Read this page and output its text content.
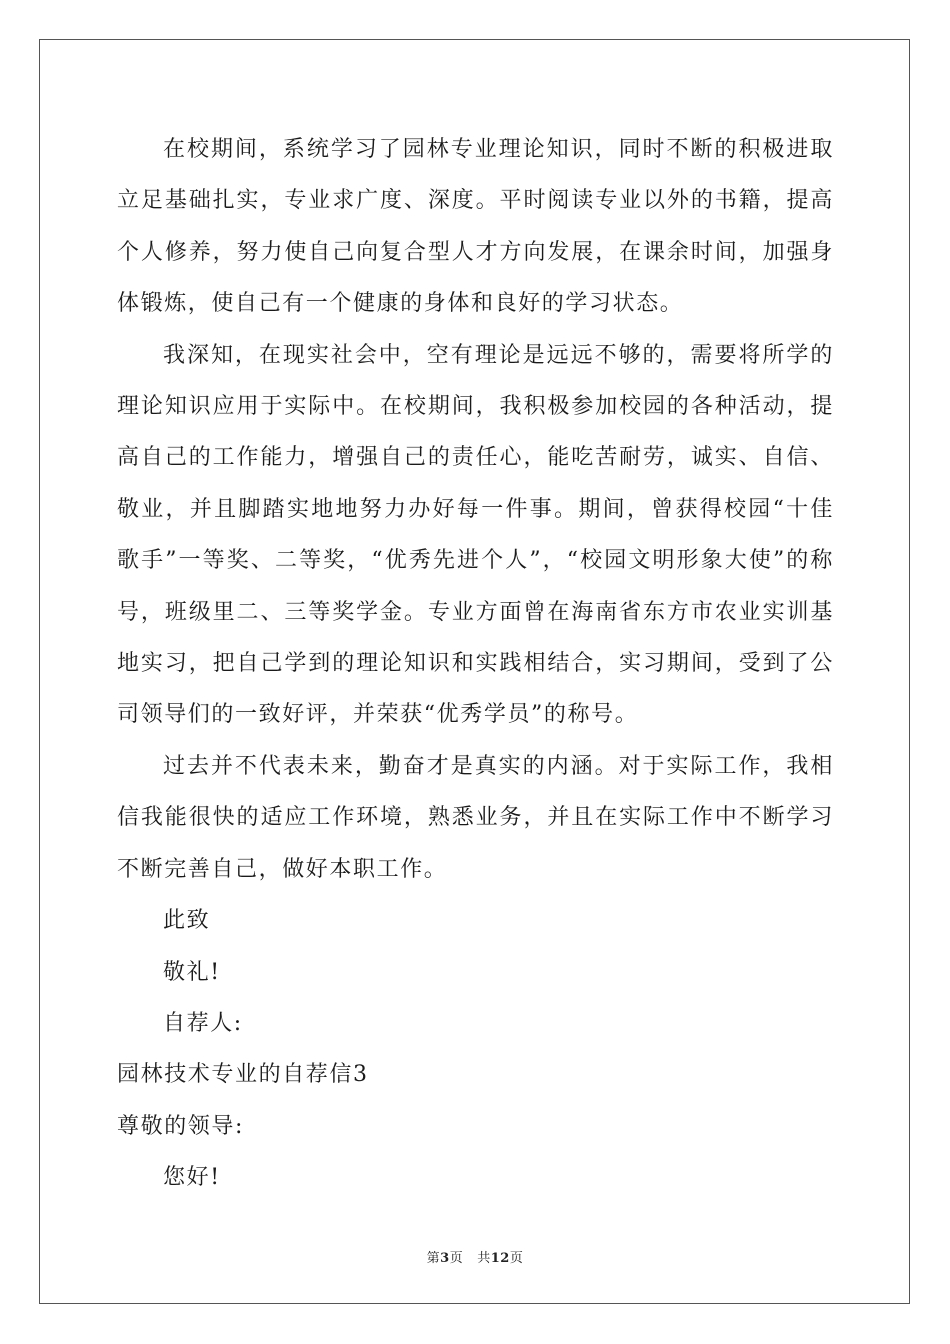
在校期间，系统学习了园林专业理论知识，同时不断的积极进取立足基础扎实，专业求广度、深度。平时阅读专业以外的书籍，提高个人修养，努力使自己向复合型人才方向发展，在课余时间，加强身体锻炼，使自己有一个健康的身体和良好的学习状态。

我深知，在现实社会中，空有理论是远远不够的，需要将所学的理论知识应用于实际中。在校期间，我积极参加校园的各种活动，提高自己的工作能力，增强自己的责任心，能吃苦耐劳，诚实、自信、敬业，并且脚踏实地地努力办好每一件事。期间，曾获得校园“十佳歌手”一等奖、二等奖，“优秀先进个人”，“校园文明形象大使”的称号，班级里二、三等奖学金。专业方面曾在海南省东方市农业实训基地实习，把自己学到的理论知识和实践相结合，实习期间，受到了公司领导们的一致好评，并荣获“优秀学员”的称号。

过去并不代表未来，勤奋才是真实的内涵。对于实际工作，我相信我能很快的适应工作环境，熟悉业务，并且在实际工作中不断学习不断完善自己，做好本职工作。

此致

敬礼!

自荐人:

园林技术专业的自荐信3

尊敬的领导:

您好!

第3页 共12页
